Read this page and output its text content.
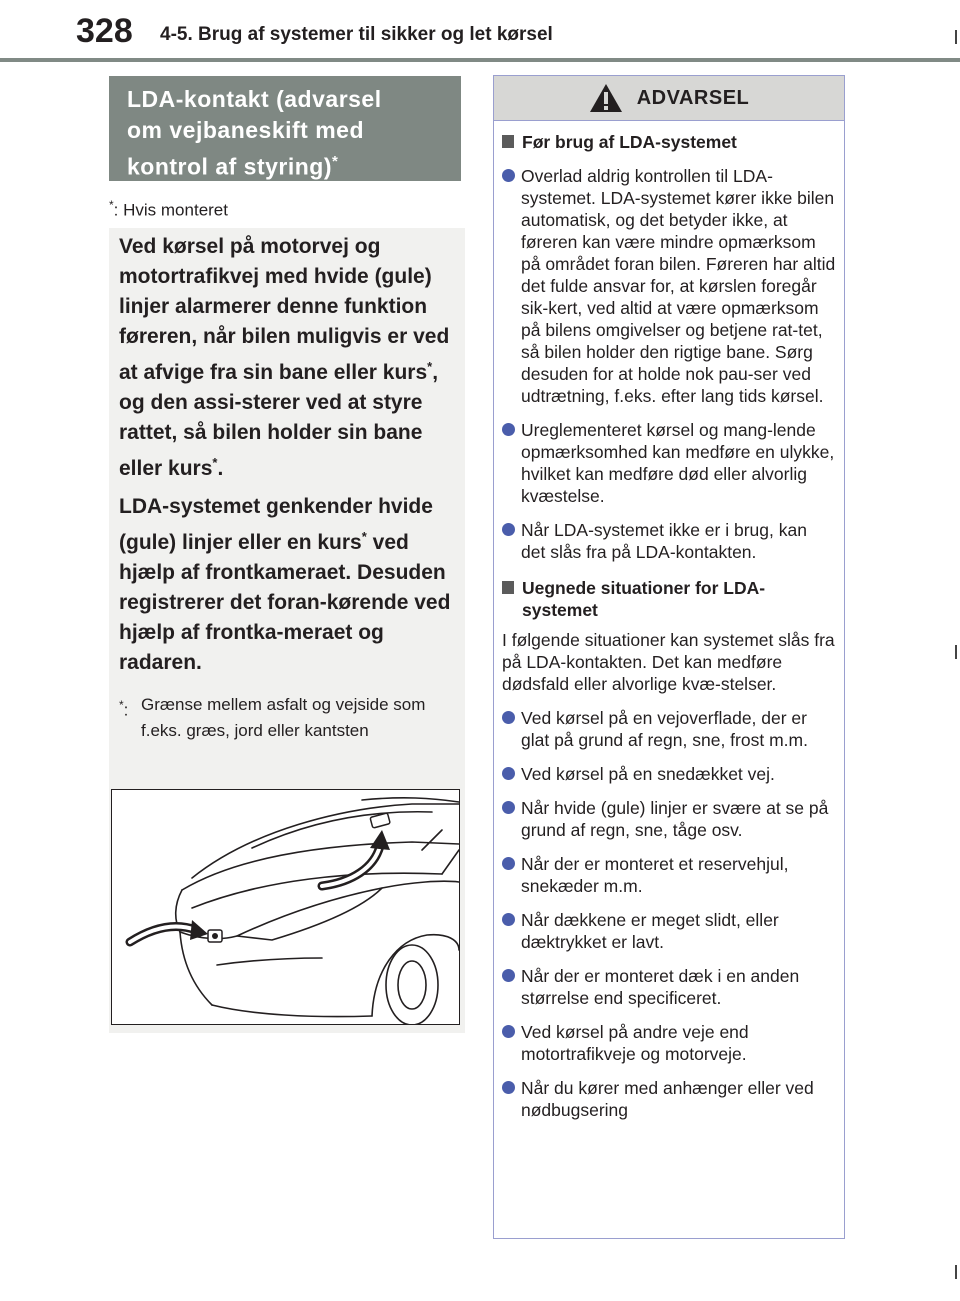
328 4-5. Brug af systemer til sikker og let kørsel
LDA-kontakt (advarsel
om vejbaneskift med
kontrol af styring)*
*: Hvis monteret

Ved kørsel på motorvej og motortrafikvej med hvide (gule) linjer alarmerer denne funktion føreren, når bilen muligvis er ved at afvige fra sin bane eller kurs*, og den assi-sterer ved at styre rattet, så bilen holder sin bane eller kurs*.

LDA-systemet genkender hvide (gule) linjer eller en kurs* ved hjælp af frontkameraet. Desuden registrerer det foran-kørende ved hjælp af frontka-meraet og radaren.

*: Grænse mellem asfalt og vejside som f.eks. græs, jord eller kantsten
ADVARSEL
Før brug af LDA-systemet
Overlad aldrig kontrollen til LDA-systemet. LDA-systemet kører ikke bilen automatisk, og det betyder ikke, at føreren kan være mindre opmærksom på området foran bilen. Føreren har altid det fulde ansvar for, at kørslen foregår sik-kert, ved altid at være opmærksom på bilens omgivelser og betjene rat-tet, så bilen holder den rigtige bane. Sørg desuden for at holde nok pau-ser ved udtrætning, f.eks. efter lang tids kørsel.
Ureglementeret kørsel og mang-lende opmærksomhed kan medføre en ulykke, hvilket kan medføre død eller alvorlig kvæstelse.
Når LDA-systemet ikke er i brug, kan det slås fra på LDA-kontakten.
Uegnede situationer for LDA-systemet
I følgende situationer kan systemet slås fra på LDA-kontakten. Det kan medføre dødsfald eller alvorlige kvæ-stelser.
Ved kørsel på en vejoverflade, der er glat på grund af regn, sne, frost m.m.
Ved kørsel på en snedækket vej.
Når hvide (gule) linjer er svære at se på grund af regn, sne, tåge osv.
Når der er monteret et reservehjul, snekæder m.m.
Når dækkene er meget slidt, eller dæktrykket er lavt.
Når der er monteret dæk i en anden størrelse end specificeret.
Ved kørsel på andre veje end motortrafikveje og motorveje.
Når du kører med anhænger eller ved nødbugsering
